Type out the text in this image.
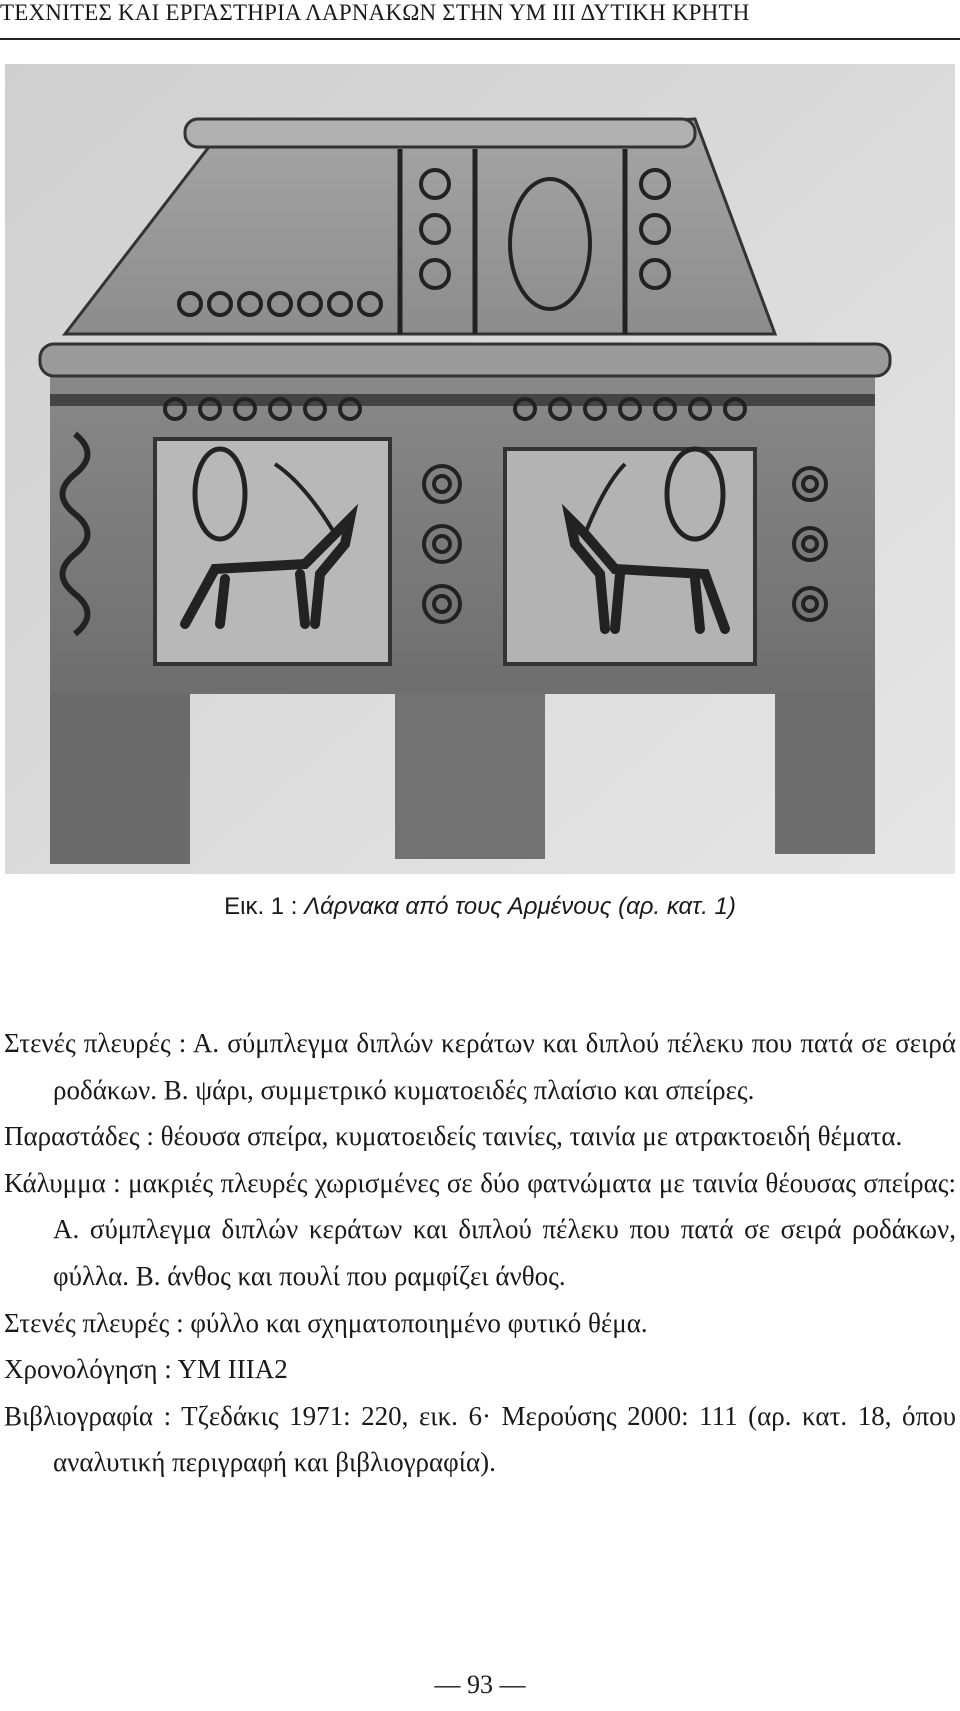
ΤΕΧΝΙΤΕΣ ΚΑΙ ΕΡΓΑΣΤΗΡΙΑ ΛΑΡΝΑΚΩΝ ΣΤΗΝ ΥΜ ΙΙΙ ΔΥΤΙΚΗ ΚΡΗΤΗ
Εικ. 1 : Λάρνακα από τους Αρμένους (αρ. κατ. 1)

Στενές πλευρές : Α. σύμπλεγμα διπλών κεράτων και διπλού πέλεκυ που πατά σε σειρά ροδάκων. Β. ψάρι, συμμετρικό κυματοειδές πλαίσιο και σπείρες.

Παραστάδες : θέουσα σπείρα, κυματοειδείς ταινίες, ταινία με ατρακτοειδή θέματα.

Κάλυμμα : μακριές πλευρές χωρισμένες σε δύο φατνώματα με ταινία θέουσας σπείρας: Α. σύμπλεγμα διπλών κεράτων και διπλού πέλεκυ που πατά σε σειρά ροδάκων, φύλλα. Β. άνθος και πουλί που ραμφίζει άνθος.

Στενές πλευρές : φύλλο και σχηματοποιημένο φυτικό θέμα.

Χρονολόγηση : ΥΜ ΙΙΙΑ2

Βιβλιογραφία : Τζεδάκις 1971: 220, εικ. 6· Μερούσης 2000: 111 (αρ. κατ. 18, όπου αναλυτική περιγραφή και βιβλιογραφία).

— 93 —
